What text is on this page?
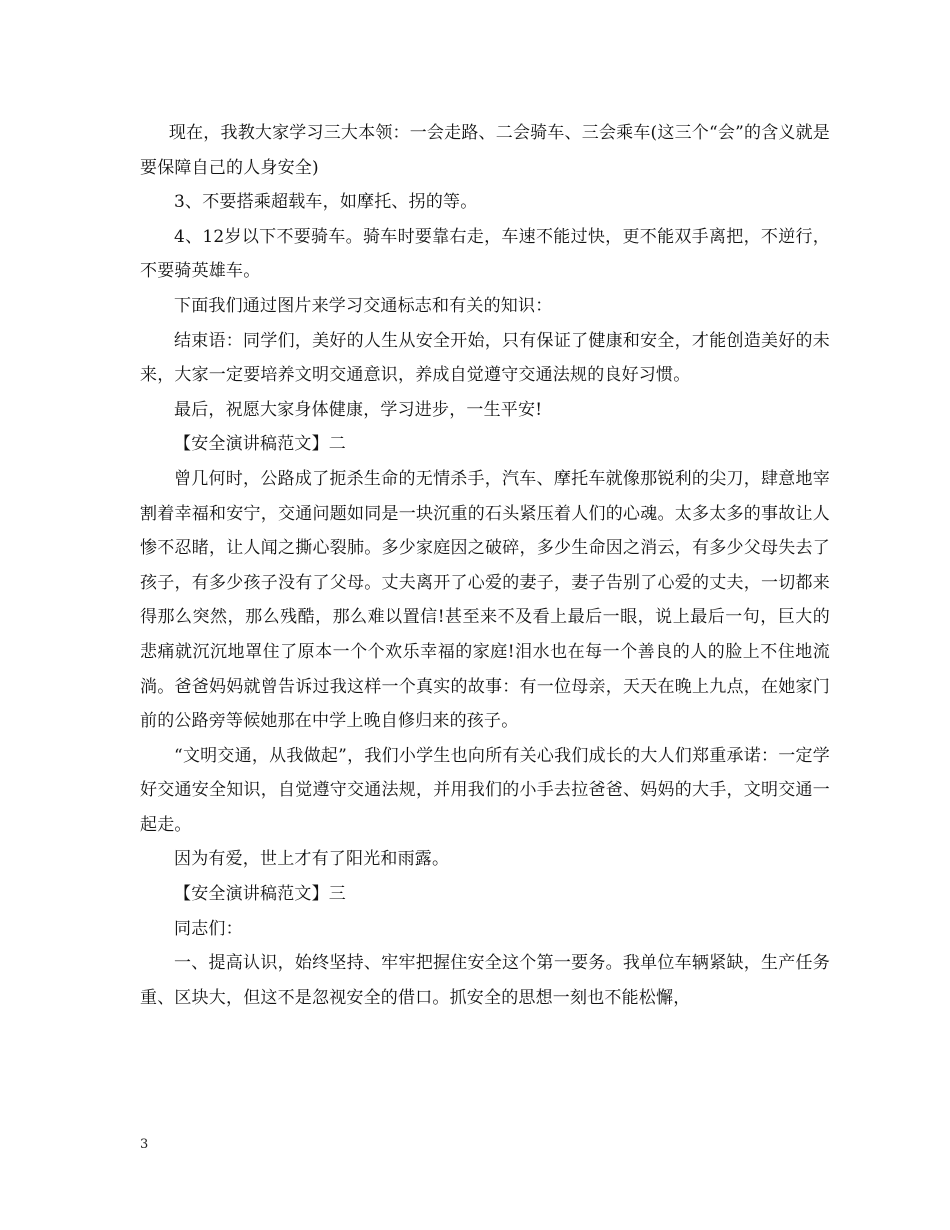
现在，我教大家学习三大本领：一会走路、二会骑车、三会乘车(这三个“会”的含义就是要保障自己的人身安全)

3、不要搭乘超载车，如摩托、拐的等。

4、12岁以下不要骑车。骑车时要靠右走，车速不能过快，更不能双手离把，不逆行，不要骑英雄车。

下面我们通过图片来学习交通标志和有关的知识：

结束语：同学们，美好的人生从安全开始，只有保证了健康和安全，才能创造美好的未来，大家一定要培养文明交通意识，养成自觉遵守交通法规的良好习惯。

最后，祝愿大家身体健康，学习进步，一生平安!

【安全演讲稿范文】二

曾几何时，公路成了扼杀生命的无情杀手，汽车、摩托车就像那锐利的尖刀，肆意地宰割着幸福和安宁，交通问题如同是一块沉重的石头紧压着人们的心魂。太多太多的事故让人惨不忍睹，让人闻之撕心裂肺。多少家庭因之破碎，多少生命因之消云，有多少父母失去了孩子，有多少孩子没有了父母。丈夫离开了心爱的妻子，妻子告别了心爱的丈夫，一切都来得那么突然，那么残酷，那么难以置信!甚至来不及看上最后一眼，说上最后一句，巨大的悲痛就沉沉地罩住了原本一个个欢乐幸福的家庭!泪水也在每一个善良的人的脸上不住地流淌。爸爸妈妈就曾告诉过我这样一个真实的故事：有一位母亲，天天在晚上九点，在她家门前的公路旁等候她那在中学上晚自修归来的孩子。

“文明交通，从我做起”，我们小学生也向所有关心我们成长的大人们郑重承诺：一定学好交通安全知识，自觉遵守交通法规，并用我们的小手去拉爸爸、妈妈的大手，文明交通一起走。

因为有爱，世上才有了阳光和雨露。

【安全演讲稿范文】三

同志们：

一、提高认识，始终坚持、牢牢把握住安全这个第一要务。我单位车辆紧缺，生产任务重、区块大，但这不是忽视安全的借口。抓安全的思想一刻也不能松懈，

3
